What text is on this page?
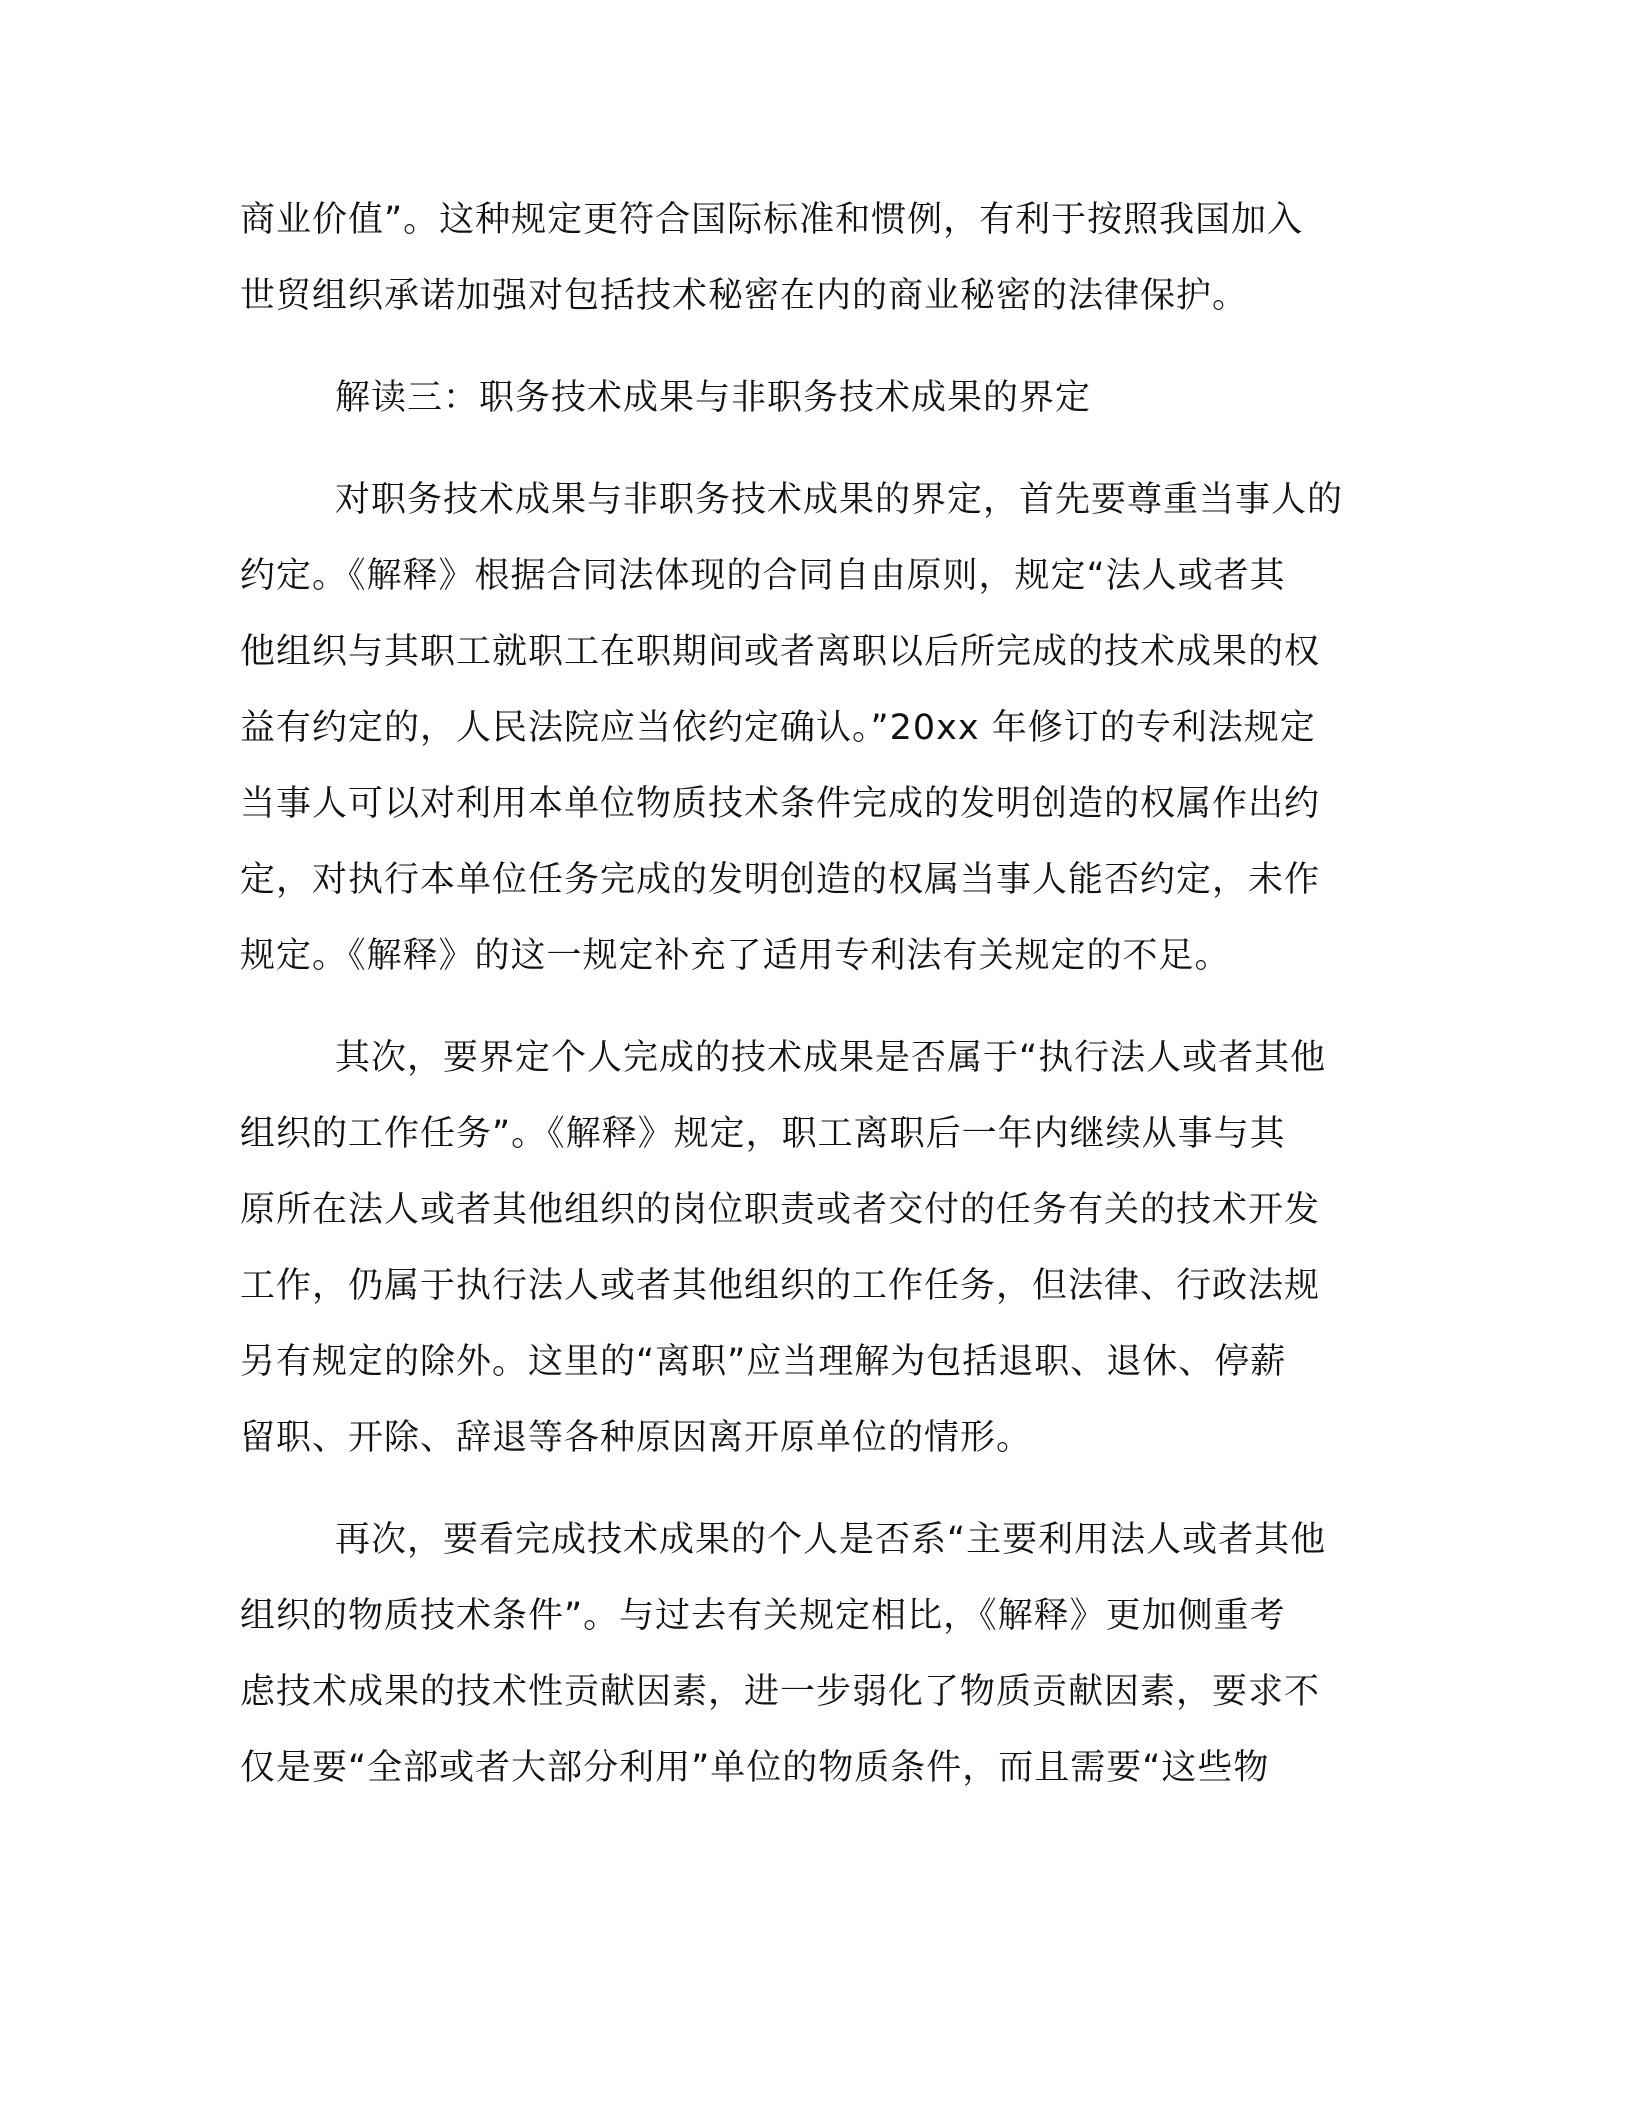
商业价值”。这种规定更符合国际标准和惯例，有利于按照我国加入
世贸组织承诺加强对包括技术秘密在内的商业秘密的法律保护。
解读三：职务技术成果与非职务技术成果的界定
对职务技术成果与非职务技术成果的界定，首先要尊重当事人的
约定。《解释》根据合同法体现的合同自由原则，规定“法人或者其
他组织与其职工就职工在职期间或者离职以后所完成的技术成果的权
益有约定的，人民法院应当依约定确认。”20xx 年修订的专利法规定
当事人可以对利用本单位物质技术条件完成的发明创造的权属作出约
定，对执行本单位任务完成的发明创造的权属当事人能否约定，未作
规定。《解释》的这一规定补充了适用专利法有关规定的不足。
其次，要界定个人完成的技术成果是否属于“执行法人或者其他
组织的工作任务”。《解释》规定，职工离职后一年内继续从事与其
原所在法人或者其他组织的岗位职责或者交付的任务有关的技术开发
工作，仍属于执行法人或者其他组织的工作任务，但法律、行政法规
另有规定的除外。这里的“离职”应当理解为包括退职、退休、停薪
留职、开除、辞退等各种原因离开原单位的情形。
再次，要看完成技术成果的个人是否系“主要利用法人或者其他
组织的物质技术条件”。与过去有关规定相比，《解释》更加侧重考
虑技术成果的技术性贡献因素，进一步弱化了物质贡献因素，要求不
仅是要“全部或者大部分利用”单位的物质条件，而且需要“这些物
